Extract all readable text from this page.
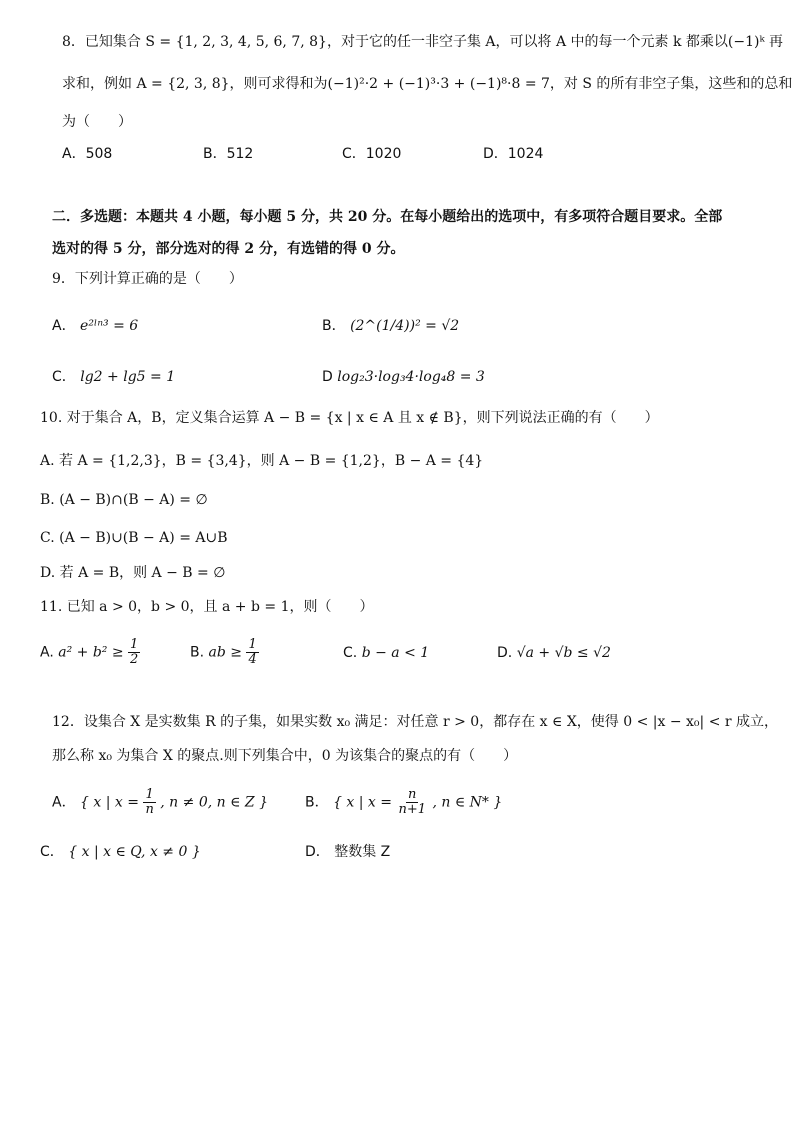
8．已知集合 S = {1, 2, 3, 4, 5, 6, 7, 8}，对于它的任一非空子集 A，可以将 A 中的每一个元素 k 都乘以(−1)ᵏ 再
求和，例如 A = {2, 3, 8}，则可求得和为(−1)²·2 + (−1)³·3 + (−1)⁸·8 = 7，对 S 的所有非空子集，这些和的总和
为（　　）
A．508	B．512	C．1020	D．1024
二．多选题：本题共 4 小题，每小题 5 分，共 20 分。在每小题给出的选项中，有多项符合题目要求。全部
选对的得 5 分，部分选对的得 2 分，有选错的得 0 分。
9．下列计算正确的是（　　）
A． e²ˡⁿ³ = 6	B． (2^(1/4))² = √2
C． lg2 + lg5 = 1	D log₂3·log₃4·log₄8 = 3
10. 对于集合 A，B，定义集合运算 A − B = {x | x ∈ A 且 x ∉ B}，则下列说法正确的有（　　）
A. 若 A = {1,2,3}，B = {3,4}，则 A − B = {1,2}，B − A = {4}
B. (A − B)∩(B − A) = ∅
C. (A − B)∪(B − A) = A∪B
D. 若 A = B，则 A − B = ∅
11. 已知 a > 0，b > 0，且 a + b = 1，则（　　）
A. $a^2 + b^2 \ge \frac{1}{2}$	B. ab ≥ $\frac{1}{4}$	C. b − a < 1	D. √a + √b ≤ √2
12．设集合 X 是实数集 R 的子集，如果实数 x₀ 满足：对任意 r > 0，都存在 x ∈ X，使得 0 < |x − x₀| < r 成立，
那么称 x₀ 为集合 X 的聚点.则下列集合中，0 为该集合的聚点的有（　　）
A． { x | $x = \frac{1}{n}$ , n ≠ 0, n ∈ Z }	B． { x | $x = \frac{n}{n+1}$ , n ∈ N* }
C． { x | x ∈ Q, x ≠ 0 }	D． 整数集 Z
